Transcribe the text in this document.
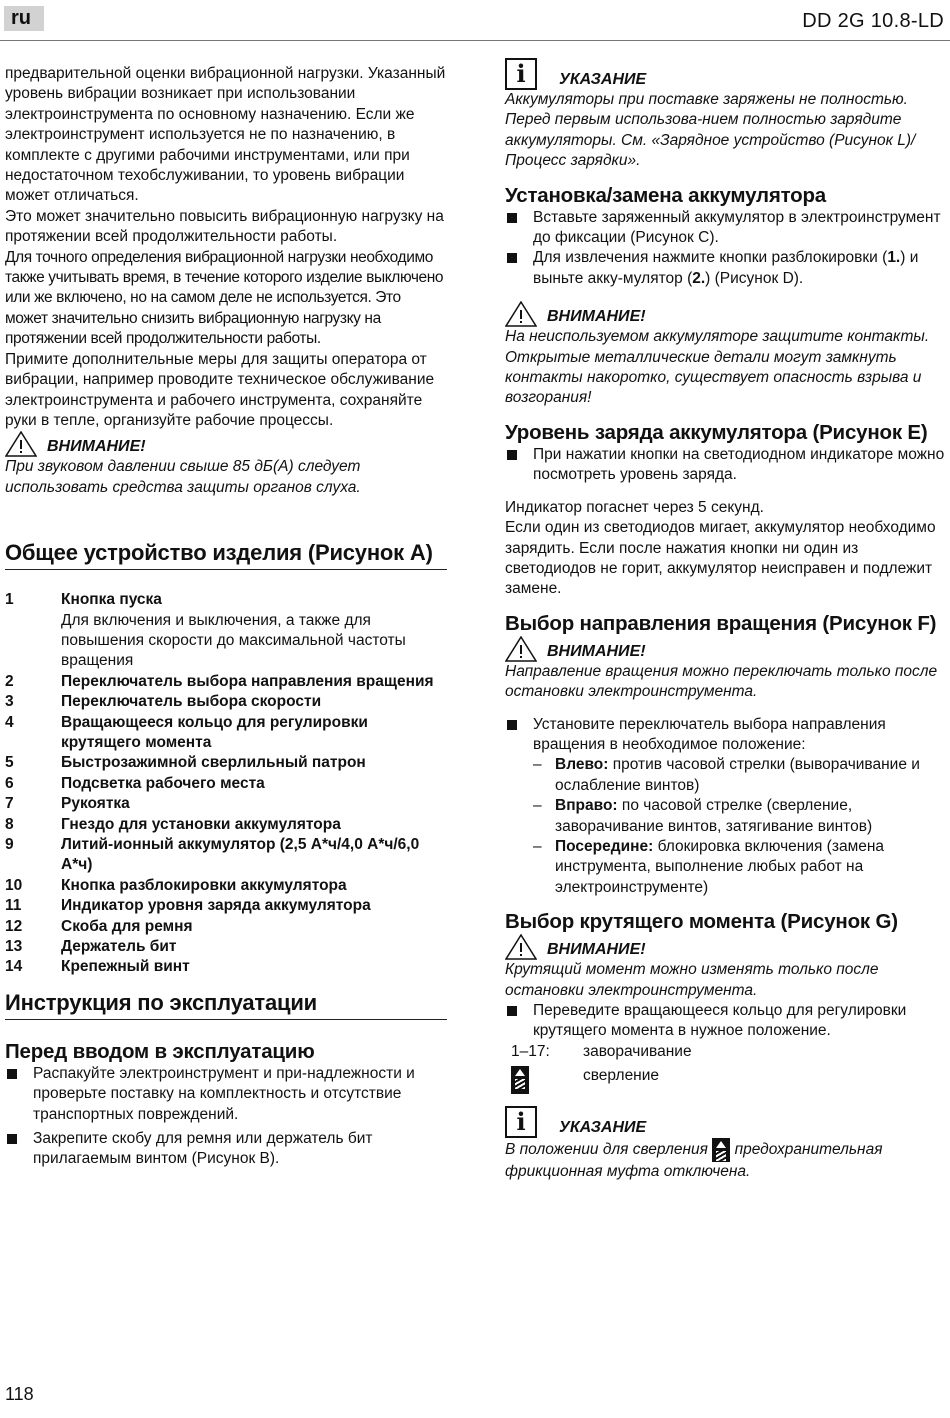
ru	DD 2G 10.8-LD
предварительной оценки вибрационной нагрузки. Указанный уровень вибрации возникает при использовании электроинструмента по основному назначению. Если же электроинструмент используется не по назначению, в комплекте с другими рабочими инструментами, или при недостаточном техобслуживании, то уровень вибрации может отличаться.
Это может значительно повысить вибрационную нагрузку на протяжении всей продолжительности работы.
Для точного определения вибрационной нагрузки необходимо также учитывать время, в течение которого изделие выключено или же включено, но на самом деле не используется. Это может значительно снизить вибрационную нагрузку на протяжении всей продолжительности работы.
Примите дополнительные меры для защиты оператора от вибрации, например проводите техническое обслуживание электроинструмента и рабочего инструмента, сохраняйте руки в тепле, организуйте рабочие процессы.
ВНИМАНИЕ!
При звуковом давлении свыше 85 дБ(А) следует использовать средства защиты органов слуха.
Общее устройство изделия (Рисунок A)
1	Кнопка пуска
Для включения и выключения, а также для повышения скорости до максимальной частоты вращения
2	Переключатель выбора направления вращения
3	Переключатель выбора скорости
4	Вращающееся кольцо для регулировки крутящего момента
5	Быстрозажимной сверлильный патрон
6	Подсветка рабочего места
7	Рукоятка
8	Гнездо для установки аккумулятора
9	Литий-ионный аккумулятор (2,5 А*ч/4,0 А*ч/6,0 А*ч)
10	Кнопка разблокировки аккумулятора
11	Индикатор уровня заряда аккумулятора
12	Скоба для ремня
13	Держатель бит
14	Крепежный винт
Инструкция по эксплуатации
Перед вводом в эксплуатацию
Распакуйте электроинструмент и при-надлежности и проверьте поставку на комплектность и отсутствие транспортных повреждений.
Закрепите скобу для ремня или держатель бит прилагаемым винтом (Рисунок B).
i	УКАЗАНИЕ
Аккумуляторы при поставке заряжены не полностью. Перед первым использова-нием полностью зарядите аккумуляторы. См. «Зарядное устройство (Рисунок L)/ Процесс зарядки».
Установка/замена аккумулятора
Вставьте заряженный аккумулятор в электроинструмент до фиксации (Рисунок C).
Для извлечения нажмите кнопки разблокировки (1.) и выньте акку-мулятор (2.) (Рисунок D).
ВНИМАНИЕ!
На неиспользуемом аккумуляторе защитите контакты. Открытые металлические детали могут замкнуть контакты накоротко, существует опасность взрыва и возгорания!
Уровень заряда аккумулятора (Рисунок E)
При нажатии кнопки на светодиодном индикаторе можно посмотреть уровень заряда.
Индикатор погаснет через 5 секунд.
Если один из светодиодов мигает, аккумулятор необходимо зарядить. Если после нажатия кнопки ни один из светодиодов не горит, аккумулятор неисправен и подлежит замене.
Выбор направления вращения (Рисунок F)
ВНИМАНИЕ!
Направление вращения можно переключать только после остановки электроинструмента.
Установите переключатель выбора направления вращения в необходимое положение:
– Влево: против часовой стрелки (выворачивание и ослабление винтов)
– Вправо: по часовой стрелке (сверление, заворачивание винтов, затягивание винтов)
– Посередине: блокировка включения (замена инструмента, выполнение любых работ на электроинструменте)
Выбор крутящего момента (Рисунок G)
ВНИМАНИЕ!
Крутящий момент можно изменять только после остановки электроинструмента.
Переведите вращающееся кольцо для регулировки крутящего момента в нужное положение.
1–17:	заворачивание
сверление
i	УКАЗАНИЕ
В положении для сверления предохранительная фрикционная муфта отключена.
118
